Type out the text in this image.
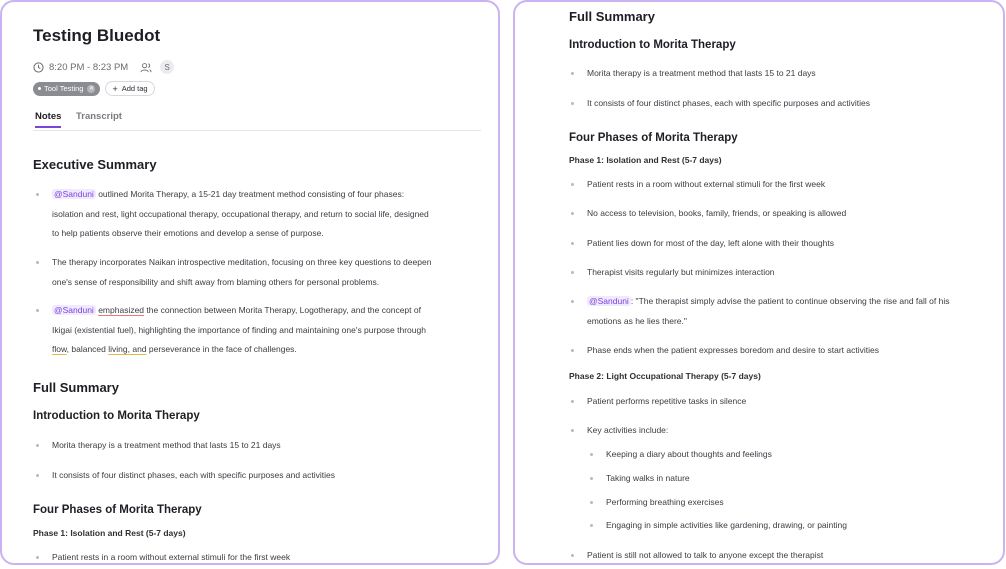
Testing Bluedot
8:20 PM - 8:23 PM	S
Tool Testing ✕ + Add tag
Notes Transcript
Executive Summary
@Sanduni outlined Morita Therapy, a 15-21 day treatment method consisting of four phases:
isolation and rest, light occupational therapy, occupational therapy, and return to social life, designed
to help patients observe their emotions and develop a sense of purpose.
The therapy incorporates Naikan introspective meditation, focusing on three key questions to deepen
one's sense of responsibility and shift away from blaming others for personal problems.
@Sanduni emphasized the connection between Morita Therapy, Logotherapy, and the concept of
Ikigai (existential fuel), highlighting the importance of finding and maintaining one's purpose through
flow, balanced living, and perseverance in the face of challenges.
Full Summary
Introduction to Morita Therapy
Morita therapy is a treatment method that lasts 15 to 21 days
It consists of four distinct phases, each with specific purposes and activities
Four Phases of Morita Therapy
Phase 1: Isolation and Rest (5-7 days)
Patient rests in a room without external stimuli for the first week
Full Summary
Introduction to Morita Therapy
Morita therapy is a treatment method that lasts 15 to 21 days
It consists of four distinct phases, each with specific purposes and activities
Four Phases of Morita Therapy
Phase 1: Isolation and Rest (5-7 days)
Patient rests in a room without external stimuli for the first week
No access to television, books, family, friends, or speaking is allowed
Patient lies down for most of the day, left alone with their thoughts
Therapist visits regularly but minimizes interaction
@Sanduni : "The therapist simply advise the patient to continue observing the rise and fall of his
emotions as he lies there."
Phase ends when the patient expresses boredom and desire to start activities
Phase 2: Light Occupational Therapy (5-7 days)
Patient performs repetitive tasks in silence
Key activities include:
Keeping a diary about thoughts and feelings
Taking walks in nature
Performing breathing exercises
Engaging in simple activities like gardening, drawing, or painting
Patient is still not allowed to talk to anyone except the therapist
